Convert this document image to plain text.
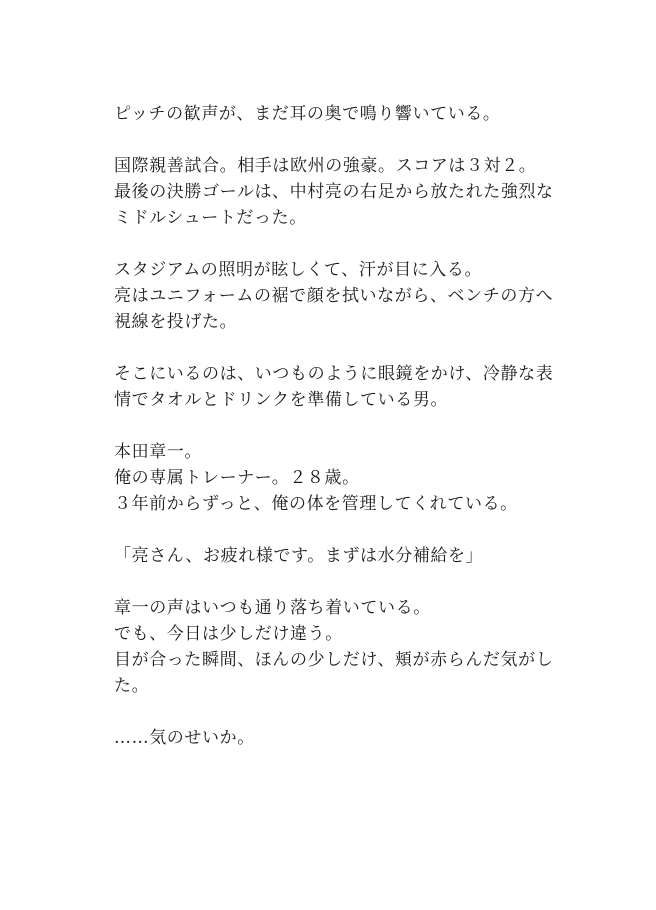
ピッチの歓声が、まだ耳の奥で鳴り響いている。
国際親善試合。相手は欧州の強豪。スコアは３対２。
最後の決勝ゴールは、中村亮の右足から放たれた強烈な
ミドルシュートだった。
スタジアムの照明が眩しくて、汗が目に入る。
亮はユニフォームの裾で顔を拭いながら、ベンチの方へ
視線を投げた。
そこにいるのは、いつものように眼鏡をかけ、冷静な表
情でタオルとドリンクを準備している男。
本田章一。
俺の専属トレーナー。２８歳。
３年前からずっと、俺の体を管理してくれている。
「亮さん、お疲れ様です。まずは水分補給を」
章一の声はいつも通り落ち着いている。
でも、今日は少しだけ違う。
目が合った瞬間、ほんの少しだけ、頬が赤らんだ気がし
た。
……気のせいか。
